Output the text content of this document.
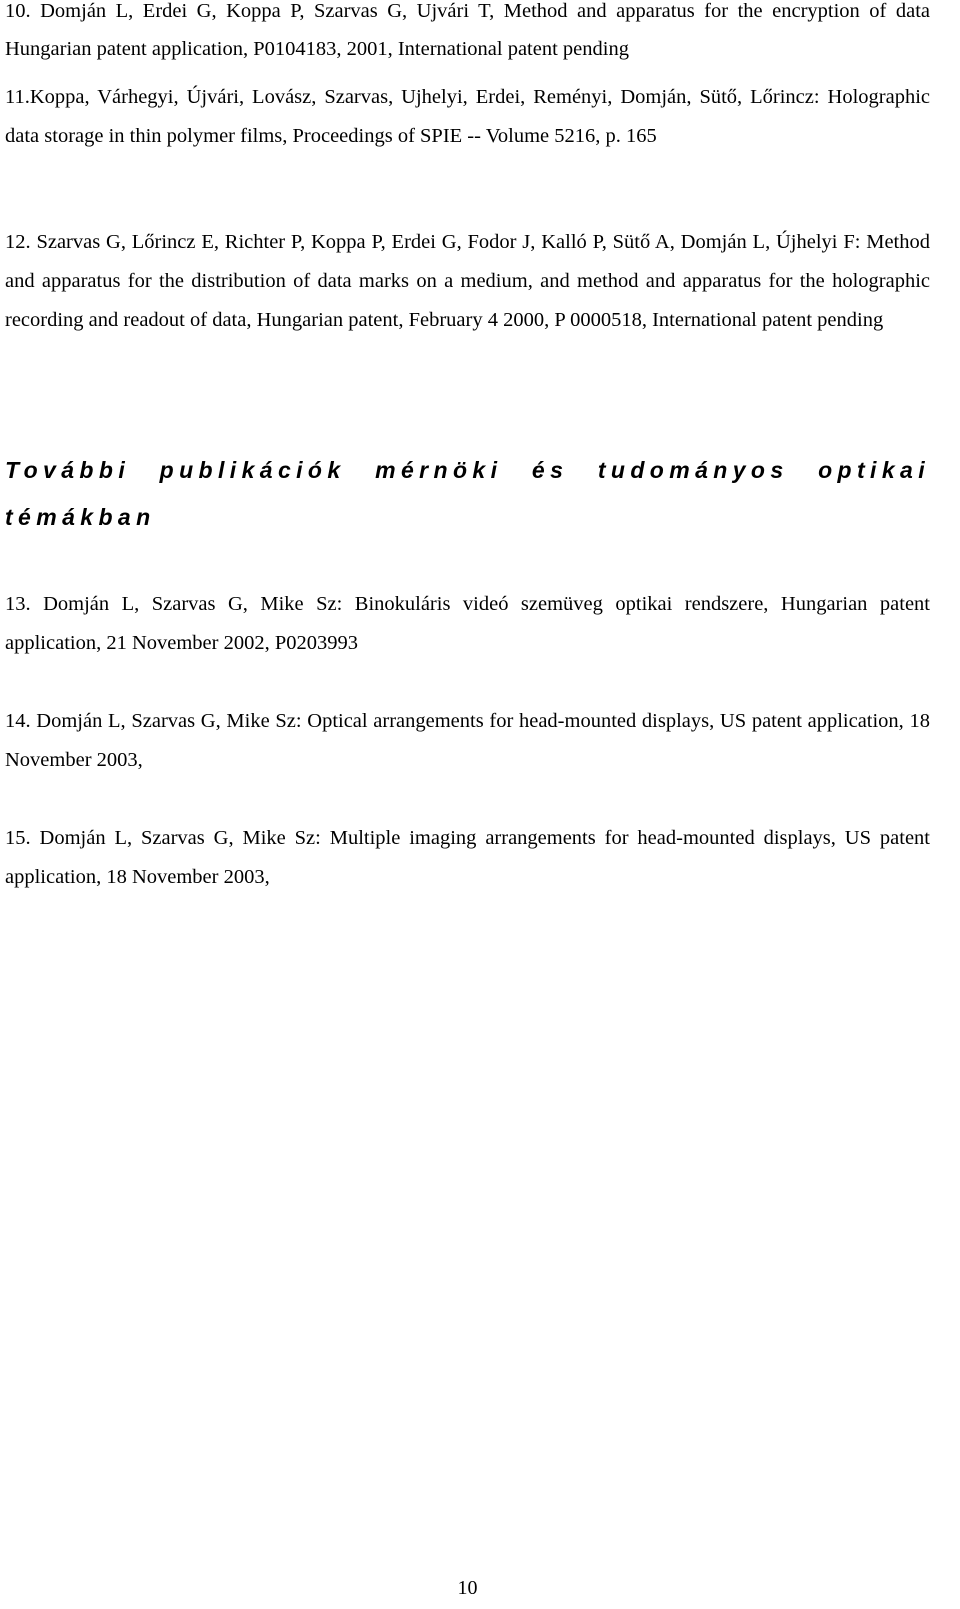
10. Domján L, Erdei G, Koppa P, Szarvas G, Ujvári T, Method and apparatus for the encryption of data Hungarian patent application, P0104183, 2001, International patent pending

11.Koppa, Várhegyi, Újvári, Lovász, Szarvas, Ujhelyi, Erdei, Reményi, Domján, Sütő, Lőrincz: Holographic data storage in thin polymer films, Proceedings of SPIE -- Volume 5216, p. 165

12. Szarvas G, Lőrincz E, Richter P, Koppa P, Erdei G, Fodor J, Kalló P, Sütő A, Domján L, Újhelyi F: Method and apparatus for the distribution of data marks on a medium, and method and apparatus for the holographic recording and readout of data, Hungarian patent, February 4 2000, P 0000518, International patent pending

További publikációk mérnöki és tudományos optikai témákban

13. Domján L, Szarvas G, Mike Sz: Binokuláris videó szemüveg optikai rendszere, Hungarian patent application, 21 November 2002, P0203993

14. Domján L, Szarvas G, Mike Sz: Optical arrangements for head-mounted displays, US patent application, 18 November 2003,

15. Domján L, Szarvas G, Mike Sz: Multiple imaging arrangements for head-mounted displays, US patent application, 18 November 2003,

10
